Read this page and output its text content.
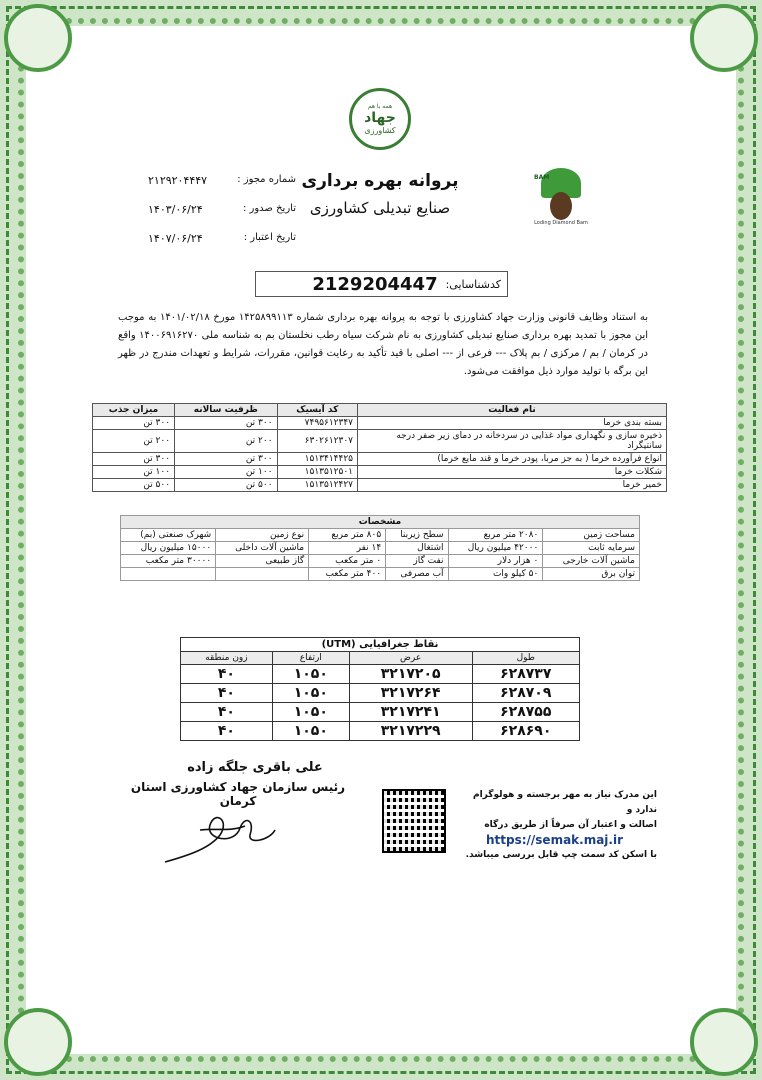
همه با هم
جهاد
کشاورزی
پروانه بهره برداری
صنایع تبدیلی کشاورزی
شماره مجوز :
۲۱۲۹۲۰۴۴۴۷
تاریخ صدور :
۱۴۰۳/۰۶/۲۴
تاریخ اعتبار :
۱۴۰۷/۰۶/۲۴
BAM
Loding Diamond Bam
کدشناسایی:
2129204447
به استناد وظایف قانونی وزارت جهاد کشاورزی با توجه به پروانه بهره برداری شماره ۱۴۲۵۸۹۹۱۱۳ مورخ ۱۴۰۱/۰۲/۱۸ به موجب این مجوز با تمدید بهره برداری صنایع تبدیلی کشاورزی به نام شرکت سیاه رطب نخلستان بم به شناسه ملی ۱۴۰۰۶۹۱۶۲۷۰ واقع در کرمان / بم / مرکزی / بم پلاک --- فرعی از --- اصلی با قید تأکید به رعایت قوانین، مقررات، شرایط و تعهدات مندرج در ظهر این برگه با تولید موارد ذیل موافقت می‌شود.
نام فعالیت	کد آیسیک	ظرفیت سالانه	میزان جذب
بسته بندی خرما	۷۴۹۵۶۱۲۳۴۷	۳۰۰ تن	۳۰۰ تن
ذخیره سازی و نگهداری مواد غذایی در سردخانه در دمای زیر صفر درجه سانتیگراد	۶۳۰۲۶۱۲۳۰۷	۲۰۰ تن	۲۰۰ تن
انواع فرآورده خرما ( به جز مربا، پودر خرما و قند مایع خرما)	۱۵۱۳۴۱۴۴۲۵	۳۰۰ تن	۳۰۰ تن
شکلات خرما	۱۵۱۳۵۱۲۵۰۱	۱۰۰ تن	۱۰۰ تن
خمیر خرما	۱۵۱۳۵۱۲۴۲۷	۵۰۰ تن	۵۰۰ تن
مشخصات					
مساحت زمین	۲۰۸۰ متر مربع	سطح زیربنا	۸۰۵ متر مربع	نوع زمین	شهرک صنعتی (بم)
سرمایه ثابت	۴۲۰۰۰ میلیون ریال	اشتغال	۱۴ نفر	ماشین آلات داخلی	۱۵۰۰۰ میلیون ریال
ماشین آلات خارجی	۰ هزار دلار	نفت گاز	۰ متر مکعب	گاز طبیعی	۳۰۰۰۰ متر مکعب
توان برق	۵۰ کیلو وات	آب مصرفی	۴۰۰ متر مکعب		
نقاط جغرافیایی (UTM)			
طول	عرض	ارتفاع	زون منطقه
۶۲۸۷۳۷	۳۲۱۷۲۰۵	۱۰۵۰	۴۰
۶۲۸۷۰۹	۳۲۱۷۲۶۴	۱۰۵۰	۴۰
۶۲۸۷۵۵	۳۲۱۷۲۴۱	۱۰۵۰	۴۰
۶۲۸۶۹۰	۳۲۱۷۲۲۹	۱۰۵۰	۴۰
علی باقری جلگه زاده
رئیس سازمان جهاد کشاورزی استان کرمان	این مدرک نیاز به مهر برجسته و هولوگرام ندارد و
اصالت و اعتبار آن صرفاً از طریق درگاه
https://semak.maj.ir
با اسکن کد سمت چپ قابل بررسی میباشد.
